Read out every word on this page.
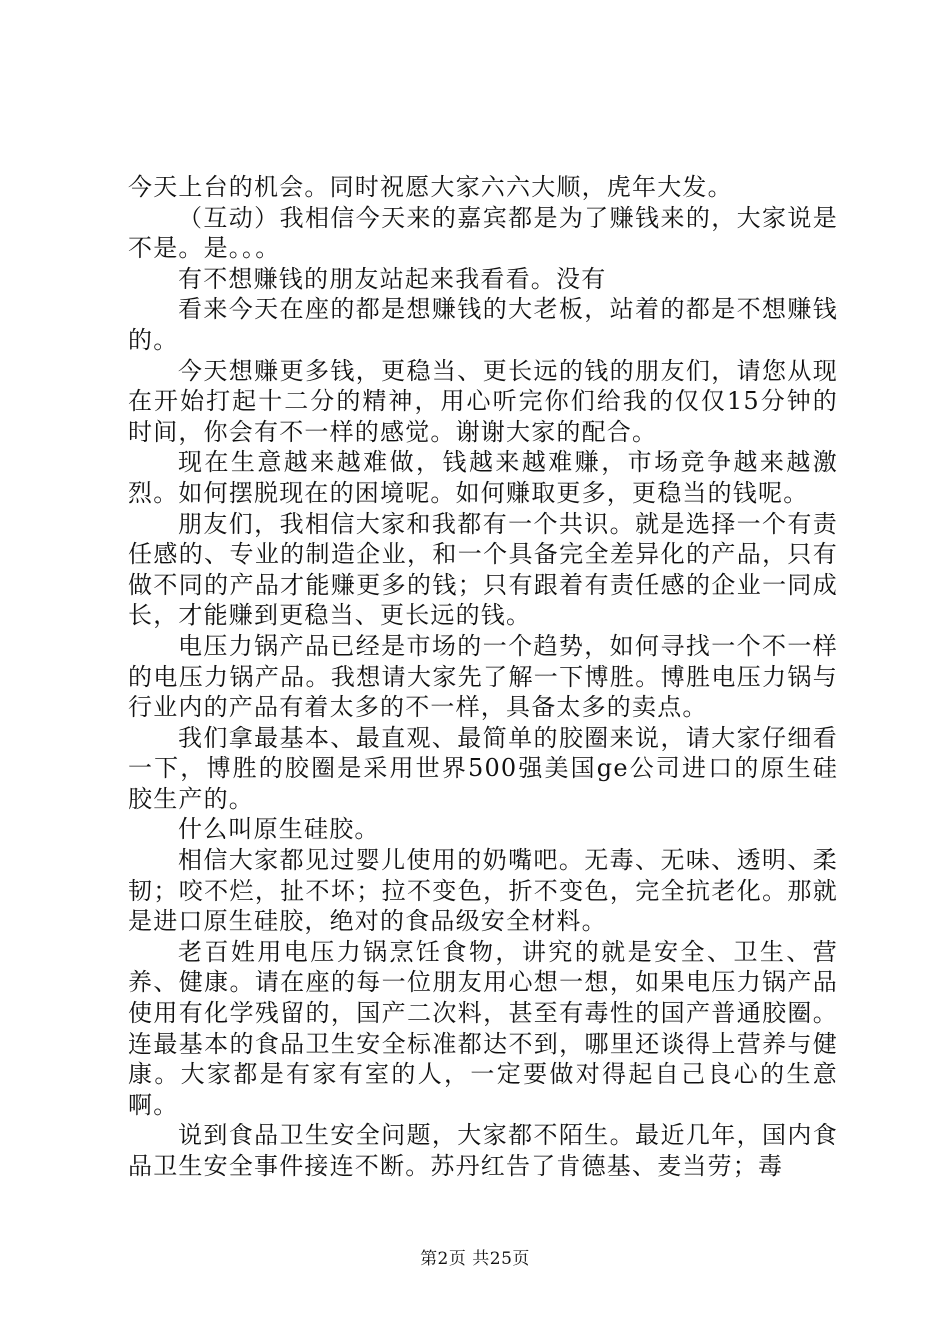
今天上台的机会。同时祝愿大家六六大顺，虎年大发。

（互动）我相信今天来的嘉宾都是为了赚钱来的，大家说是不是。是。。。

有不想赚钱的朋友站起来我看看。没有

看来今天在座的都是想赚钱的大老板，站着的都是不想赚钱的。

今天想赚更多钱，更稳当、更长远的钱的朋友们，请您从现在开始打起十二分的精神，用心听完你们给我的仅仅15分钟的时间，你会有不一样的感觉。谢谢大家的配合。

现在生意越来越难做，钱越来越难赚，市场竞争越来越激烈。如何摆脱现在的困境呢。如何赚取更多，更稳当的钱呢。

朋友们，我相信大家和我都有一个共识。就是选择一个有责任感的、专业的制造企业，和一个具备完全差异化的产品，只有做不同的产品才能赚更多的钱；只有跟着有责任感的企业一同成长，才能赚到更稳当、更长远的钱。

电压力锅产品已经是市场的一个趋势，如何寻找一个不一样的电压力锅产品。我想请大家先了解一下博胜。博胜电压力锅与行业内的产品有着太多的不一样，具备太多的卖点。

我们拿最基本、最直观、最简单的胶圈来说，请大家仔细看一下，博胜的胶圈是采用世界500强美国ge公司进口的原生硅胶生产的。

什么叫原生硅胶。

相信大家都见过婴儿使用的奶嘴吧。无毒、无味、透明、柔韧；咬不烂，扯不坏；拉不变色，折不变色，完全抗老化。那就是进口原生硅胶，绝对的食品级安全材料。

老百姓用电压力锅烹饪食物，讲究的就是安全、卫生、营养、健康。请在座的每一位朋友用心想一想，如果电压力锅产品使用有化学残留的，国产二次料，甚至有毒性的国产普通胶圈。连最基本的食品卫生安全标准都达不到，哪里还谈得上营养与健康。大家都是有家有室的人，一定要做对得起自己良心的生意啊。

说到食品卫生安全问题，大家都不陌生。最近几年，国内食品卫生安全事件接连不断。苏丹红告了肯德基、麦当劳；毒

第2页 共25页
